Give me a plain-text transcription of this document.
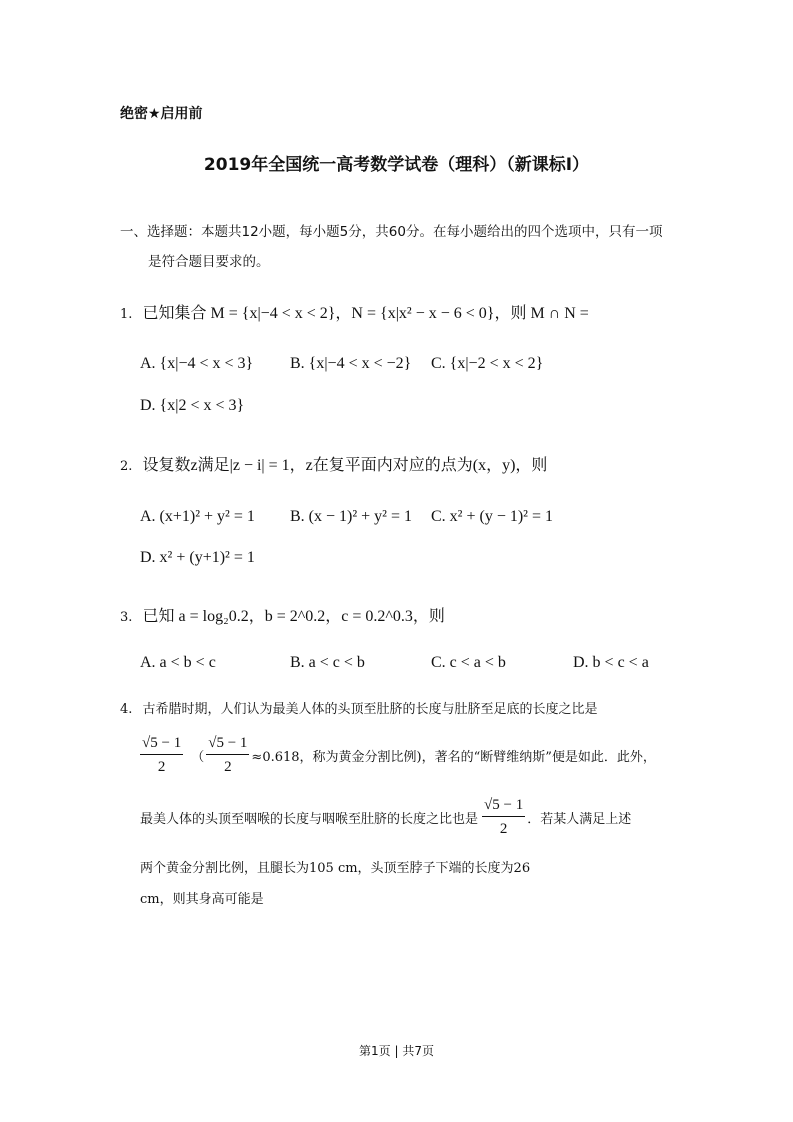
绝密★启用前
2019年全国统一高考数学试卷（理科）（新课标Ⅰ）
一、选择题：本题共12小题，每小题5分，共60分。在每小题给出的四个选项中，只有一项
是符合题目要求的。
1. 已知集合 M = {x|−4 < x < 2}，N = {x|x² − x − 6 < 0}，则 M ∩ N =
A. {x|−4 < x < 3} B. {x|−4 < x < −2} C. {x|−2 < x < 2}
D. {x|2 < x < 3}
2. 设复数z满足|z − i| = 1，z在复平面内对应的点为(x，y)，则
A. (x+1)² + y² = 1 B. (x − 1)² + y² = 1 C. x² + (y − 1)² = 1
D. x² + (y+1)² = 1
3. 已知 a = log₂0.2，b = 2^0.2，c = 0.2^0.3，则
A. a < b < c	B. a < c < b	C. c < a < b	D. b < c < a
4. 古希腊时期，人们认为最美人体的头顶至肚脐的长度与肚脐至足底的长度之比是
$\frac{√5 - 1}{2}$ （ $\frac{√5 - 1}{2} \approx 0.618$，称为黄金分割比例)，著名的“断臂维纳斯”便是如此．此外，
最美人体的头顶至咽喉的长度与咽喉至肚脐的长度之比也是 $\frac{√5 - 1}{2}$ ．若某人满足上述
两个黄金分割比例，且腿长为105 cm，头顶至脖子下端的长度为26
cm，则其身高可能是
第1页 | 共7页
